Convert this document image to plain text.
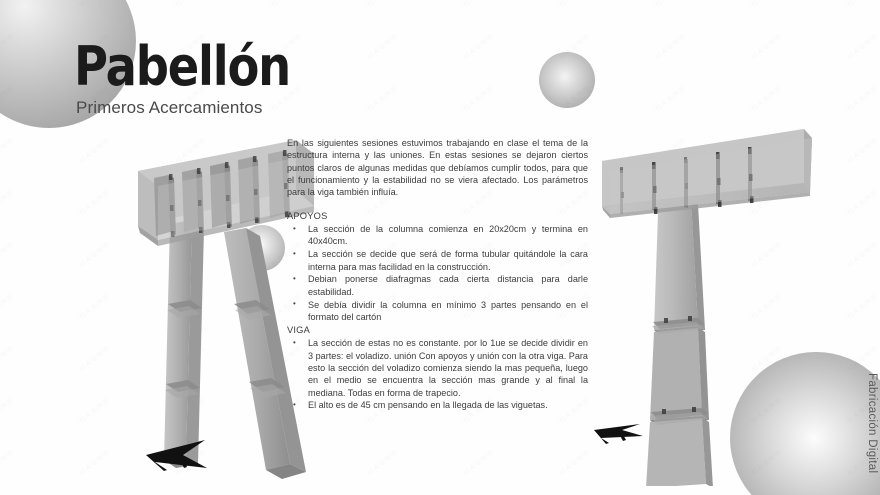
Pabellón
Primeros Acercamientos

En las siguientes sesiones estuvimos trabajando en clase el tema de la estructura interna y las uniones. En estas sesiones se dejaron ciertos puntos claros de algunas medidas que debíamos cumplir todos, para que el funcionamiento y la estabilidad no se viera afectado. Los parámetros para la viga también influía.

APOYOS
• La sección de la columna comienza en 20x20cm y termina en 40x40cm.
• La sección se decide que será de forma tubular quitándole la cara interna para mas facilidad en la construcción.
• Debian ponerse diafragmas cada cierta distancia para darle estabilidad.
• Se debía dividir la columna en mínimo 3 partes pensando en el formato del cartón
VIGA
• La sección de estas no es constante. por lo 1ue se decide dividir en 3 partes: el voladizo. unión Con apoyos y unión con la otra viga. Para esto la sección del voladizo comienza siendo la mas pequeña, luego en el medio se encuentra la sección mas grande y al final la mediana. Todas en forma de trapecio.
• El alto es de 45 cm pensando en la llegada de las viguetas.	Fabricación Digital
